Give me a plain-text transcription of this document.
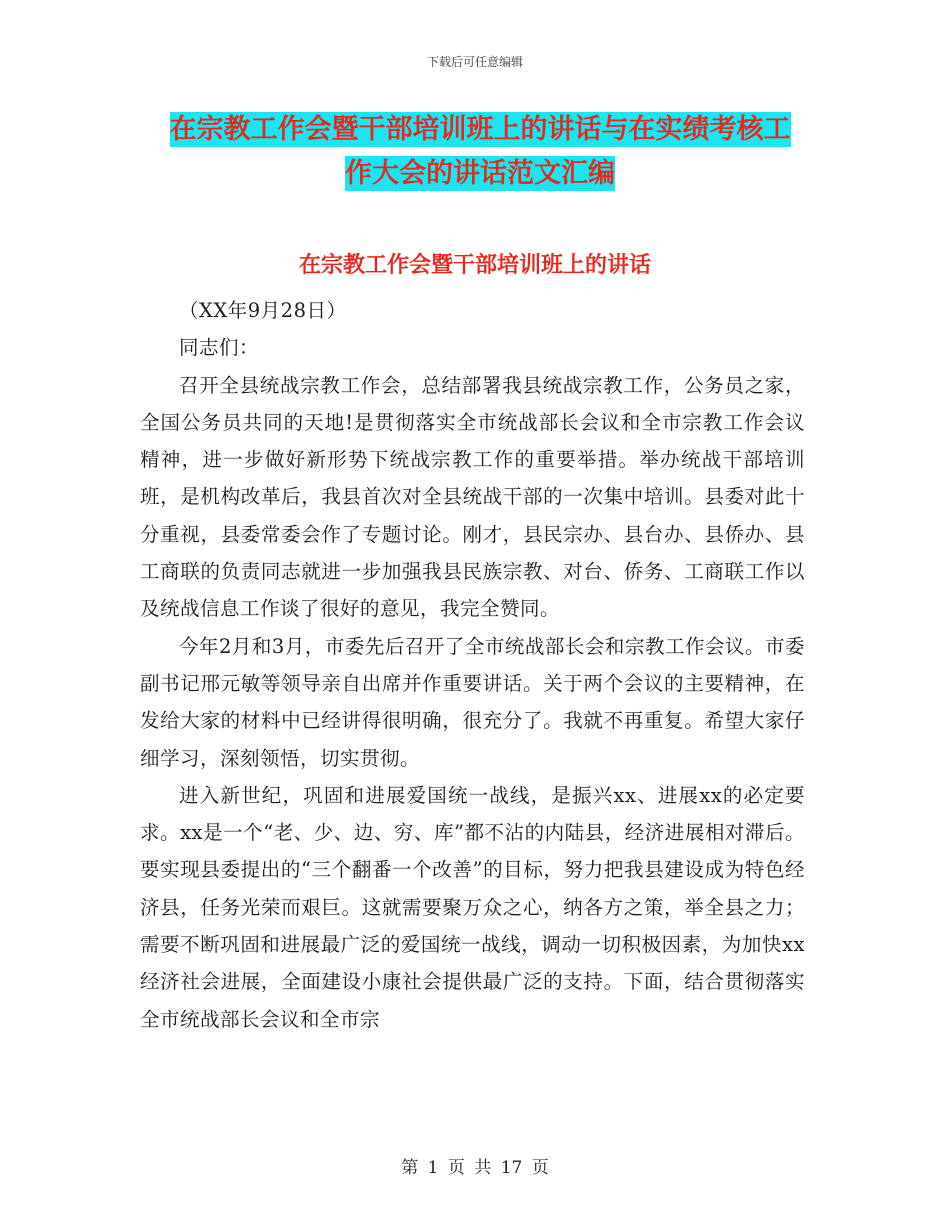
下载后可任意编辑
在宗教工作会暨干部培训班上的讲话与在实绩考核工
作大会的讲话范文汇编
在宗教工作会暨干部培训班上的讲话

（XX年9月28日）

同志们：

召开全县统战宗教工作会，总结部署我县统战宗教工作，公务员之家，全国公务员共同的天地!是贯彻落实全市统战部长会议和全市宗教工作会议精神，进一步做好新形势下统战宗教工作的重要举措。举办统战干部培训班，是机构改革后，我县首次对全县统战干部的一次集中培训。县委对此十分重视，县委常委会作了专题讨论。刚才，县民宗办、县台办、县侨办、县工商联的负责同志就进一步加强我县民族宗教、对台、侨务、工商联工作以及统战信息工作谈了很好的意见，我完全赞同。

今年2月和3月，市委先后召开了全市统战部长会和宗教工作会议。市委副书记邢元敏等领导亲自出席并作重要讲话。关于两个会议的主要精神，在发给大家的材料中已经讲得很明确，很充分了。我就不再重复。希望大家仔细学习，深刻领悟，切实贯彻。

进入新世纪，巩固和进展爱国统一战线，是振兴xx、进展xx的必定要求。xx是一个“老、少、边、穷、库”都不沾的内陆县，经济进展相对滞后。要实现县委提出的“三个翻番一个改善”的目标，努力把我县建设成为特色经济县，任务光荣而艰巨。这就需要聚万众之心，纳各方之策，举全县之力；需要不断巩固和进展最广泛的爱国统一战线，调动一切积极因素，为加快xx经济社会进展，全面建设小康社会提供最广泛的支持。下面，结合贯彻落实全市统战部长会议和全市宗

第 1 页 共 17 页
